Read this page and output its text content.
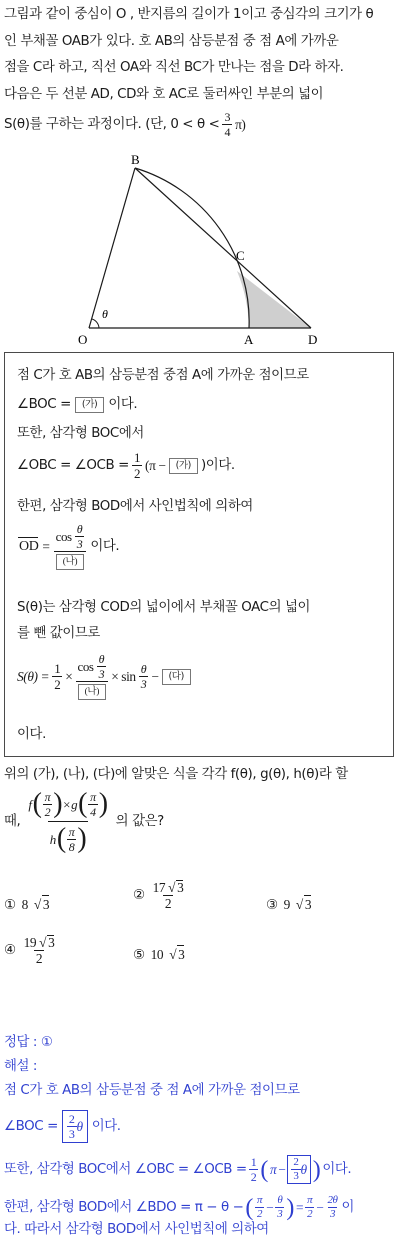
그림과 같이 중심이 O , 반지름의 길이가 1이고 중심각의 크기가 θ
인 부채꼴 OAB가 있다. 호 AB의 삼등분점 중 점 A에 가까운
점을 C라 하고, 직선 OA와 직선 BC가 만나는 점을 D라 하자.
다음은 두 선분 AD, CD와 호 AC로 둘러싸인 부분의 넓이
S(θ)를 구하는 과정이다. (단, $0 < \theta < \frac{3}{4} \pi$)
B
C
O	A	D
θ
점 C가 호 AB의 삼등분점 중점 A에 가까운 점이므로
∠BOC =	(가) 이다.
또한, 삼각형 BOC에서
∠OBC = ∠OCB = $\frac{1}{2} (\pi$ −	(가) )이다.
한편, 삼각형 BOD에서 사인법칙에 의하여
OD = $\frac{\cos \frac{\theta}{3}}{\text{(나)}}$ 이다.
S(θ)는 삼각형 COD의 넓이에서 부채꼴 OAC의 넓이
를 뺀 값이므로
$S(\theta) = \frac{1}{2} \times \frac{\cos \frac{\theta}{3}}{\text{(나)}} \times \sin \frac{\theta}{3}$ −	(다)
이다.
위의 (가), (나), (다)에 알맞은 식을 각각 f(θ), g(θ), h(θ)라 할
때,
f ( $\frac{\pi}{2}$ ) × g ( $\frac{\pi}{4}$ )
h ( $\frac{\pi}{8}$ )
의 값은?
① 8 √ 3
② $\frac{17 √ 3}{2}$	③ 9 √ 3
④ $\frac{19 √ 3}{2}$	⑤ 10 √ 3
정답 : ①
해설 :
점 C가 호 AB의 삼등분점 중 점 A에 가까운 점이므로
∠BOC = $\frac{2}{3}$ θ 이다.
또한, 삼각형 BOC에서 ∠OBC = ∠OCB = $\frac{1}{2}$ ( $\pi - \frac{2}{3}$ θ ) 이다.
한편, 삼각형 BOD에서 ∠BDO = π − θ − ( $\frac{\pi}{2} - \frac{\theta}{3}$ ) = $\frac{\pi}{2} - \frac{2\theta}{3}$ 이
다. 따라서 삼각형 BOD에서 사인법칙에 의하여
